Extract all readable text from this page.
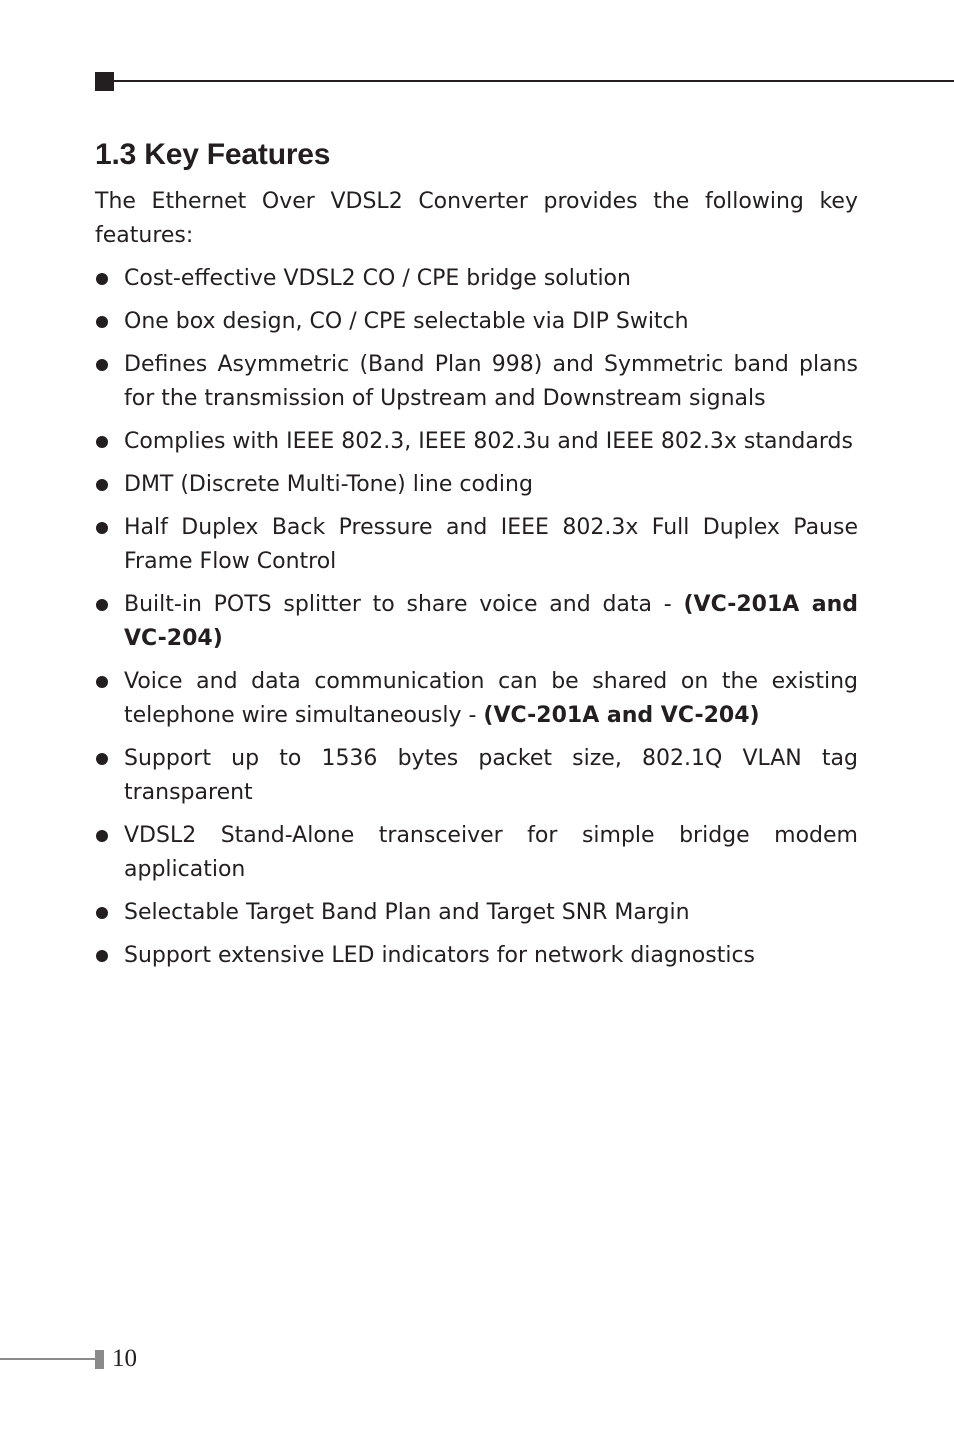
1.3 Key Features

The Ethernet Over VDSL2 Converter provides the following key features:

Cost-effective VDSL2 CO / CPE bridge solution
One box design, CO / CPE selectable via DIP Switch
Defines Asymmetric (Band Plan 998) and Symmetric band plans for the transmission of Upstream and Downstream signals
Complies with IEEE 802.3, IEEE 802.3u and IEEE 802.3x standards
DMT (Discrete Multi-Tone) line coding
Half Duplex Back Pressure and IEEE 802.3x Full Duplex Pause Frame Flow Control
Built-in POTS splitter to share voice and data - (VC-201A and VC-204)
Voice and data communication can be shared on the existing telephone wire simultaneously - (VC-201A and VC-204)
Support up to 1536 bytes packet size, 802.1Q VLAN tag transparent
VDSL2 Stand-Alone transceiver for simple bridge modem application
Selectable Target Band Plan and Target SNR Margin
Support extensive LED indicators for network diagnostics
10
